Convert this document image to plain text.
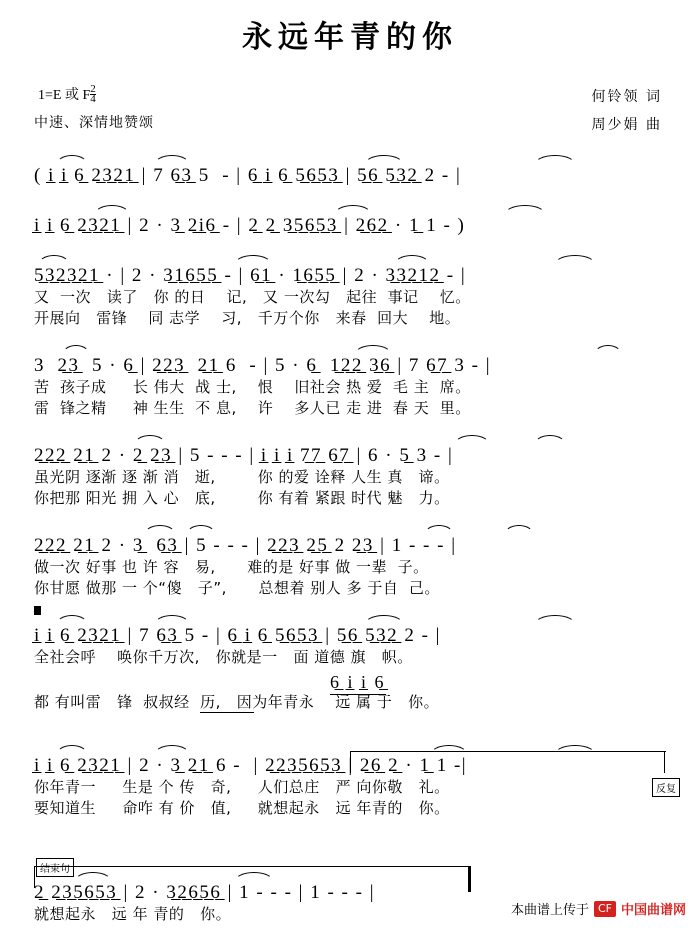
永远年青的你
1=E 或 F $\frac{2}{4}$
中速、深情地赞颂
何铃领 词
周少娟 曲
( i̲ i̲ 6̲ 2̲3̲2̲1̲ | 7 6̲3̲ 5  - | 6̲ i̲ 6̲ 5̲6̲5̲3̲ | 5̲6̲ 5̲3̲2̲ 2 - |
i̲ i̲ 6̲ 2̲3̲2̲1̲ | 2 · 3̲ 2̲i̲6̲ - | 2̲ 2̲ 3̲5̲6̲5̲3̲ | 2̲6̲2̲ · 1̲ 1 - )
5̲3̲2̲3̲2̲1̲ · | 2 · 3̲1̲6̲5̲5̲ - | 6̲1̲ · 1̲6̲5̲5̲ | 2 · 3̲3̲2̲1̲2̲ - |
又  一次   读了   你 的日    记,   又 一次勾   起往  事记    忆。
开展向   雷锋    同 志学    习,   千万个你   来春  回大    地。
3  2̲3̲  5 · 6̲ | 2̲2̲3̲  2̲1̲ 6  - | 5 · 6̲  1̲2̲2̲ 3̲6̲ | 7 6̲7̲ 3 - |
苦  孩子成     长 伟大  战 士,    恨    旧社会 热 爱  毛 主  席。
雷  锋之精     神 生生  不 息,    许    多人已 走 进  春 天  里。
2̲2̲2̲ 2̲1̲ 2 · 2̲ 2̲3̲ | 5 - - - | i̲ i̲ i̲ 7̲7̲ 6̲7̲ | 6 · 5̲ 3 - |
虽光阴 逐渐 逐 渐 消   逝,        你 的爱 诠释 人生 真   谛。
你把那 阳光 拥 入 心   底,        你 有着 紧跟 时代 魅   力。
2̲2̲2̲ 2̲1̲ 2 · 3̲  6̲3̲ | 5 - - - | 2̲2̲3̲ 2̲5̲ 2 2̲3̲ | 1 - - - |
做一次 好事 也 许 容   易,      难的是 好事 做 一辈  子。
你甘愿 做那 一 个“傻   子”,      总想着 别人 多 于自  己。
i̲ i̲ 6̲ 2̲3̲2̲1̲ | 7 6̲3̲ 5 - | 6̲ i̲ 6̲ 5̲6̲5̲3̲ | 5̲6̲ 5̲3̲2̲ 2 - |
全社会呼    唤你千万次,   你就是一   面 道德 旗   帜。
6̲ i̲ i̲ 6̲
都 有叫雷   锋  叔叔经  历,   因为年青永    远 属 于   你。
i̲ i̲ 6̲ 2̲3̲2̲1̲ | 2 · 3̲ 2̲1̲ 6 -  | 2̲2̲3̲5̲6̲5̲3̲ | 2̲6̲ 2̲ · 1̲ 1 -|
你年青一     生是 个 传   奇,     人们总庄   严 向你敬   礼。
要知道生     命咋 有 价   值,     就想起永   远 年青的   你。
反复
结束句
2̲ 2̲3̲5̲6̲5̲3̲ | 2 · 3̲2̲6̲5̲6̲ | 1 - - - | 1 - - - |
就想起永   远 年 青的   你。	本曲谱上传于 CF 中国曲谱网
